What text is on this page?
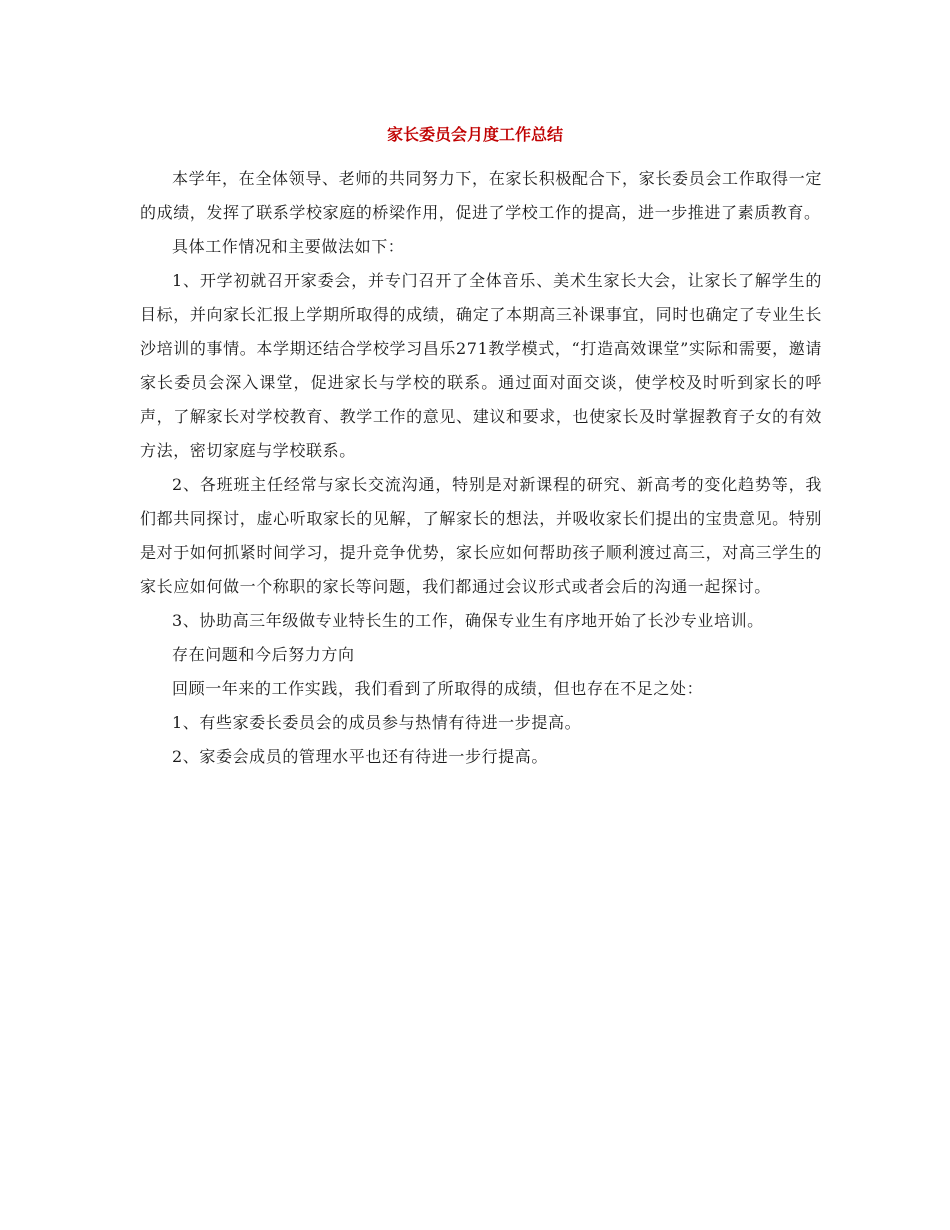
家长委员会月度工作总结

本学年，在全体领导、老师的共同努力下，在家长积极配合下，家长委员会工作取得一定的成绩，发挥了联系学校家庭的桥梁作用，促进了学校工作的提高，进一步推进了素质教育。

具体工作情况和主要做法如下：

1、开学初就召开家委会，并专门召开了全体音乐、美术生家长大会，让家长了解学生的目标，并向家长汇报上学期所取得的成绩，确定了本期高三补课事宜，同时也确定了专业生长沙培训的事情。本学期还结合学校学习昌乐271教学模式，“打造高效课堂”实际和需要，邀请家长委员会深入课堂，促进家长与学校的联系。通过面对面交谈，使学校及时听到家长的呼声，了解家长对学校教育、教学工作的意见、建议和要求，也使家长及时掌握教育子女的有效方法，密切家庭与学校联系。

2、各班班主任经常与家长交流沟通，特别是对新课程的研究、新高考的变化趋势等，我们都共同探讨，虚心听取家长的见解，了解家长的想法，并吸收家长们提出的宝贵意见。特别是对于如何抓紧时间学习，提升竞争优势，家长应如何帮助孩子顺利渡过高三，对高三学生的家长应如何做一个称职的家长等问题，我们都通过会议形式或者会后的沟通一起探讨。

3、协助高三年级做专业特长生的工作，确保专业生有序地开始了长沙专业培训。

存在问题和今后努力方向

回顾一年来的工作实践，我们看到了所取得的成绩，但也存在不足之处：

1、有些家委长委员会的成员参与热情有待进一步提高。

2、家委会成员的管理水平也还有待进一步行提高。
